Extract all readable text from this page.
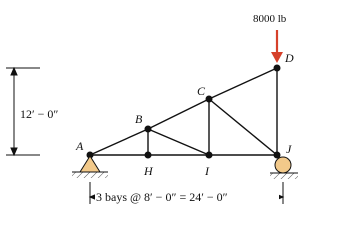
8000 lb
A
B
C
D
H	I
J
12′ − 0″
3 bays @ 8′ − 0″ = 24′ − 0″
